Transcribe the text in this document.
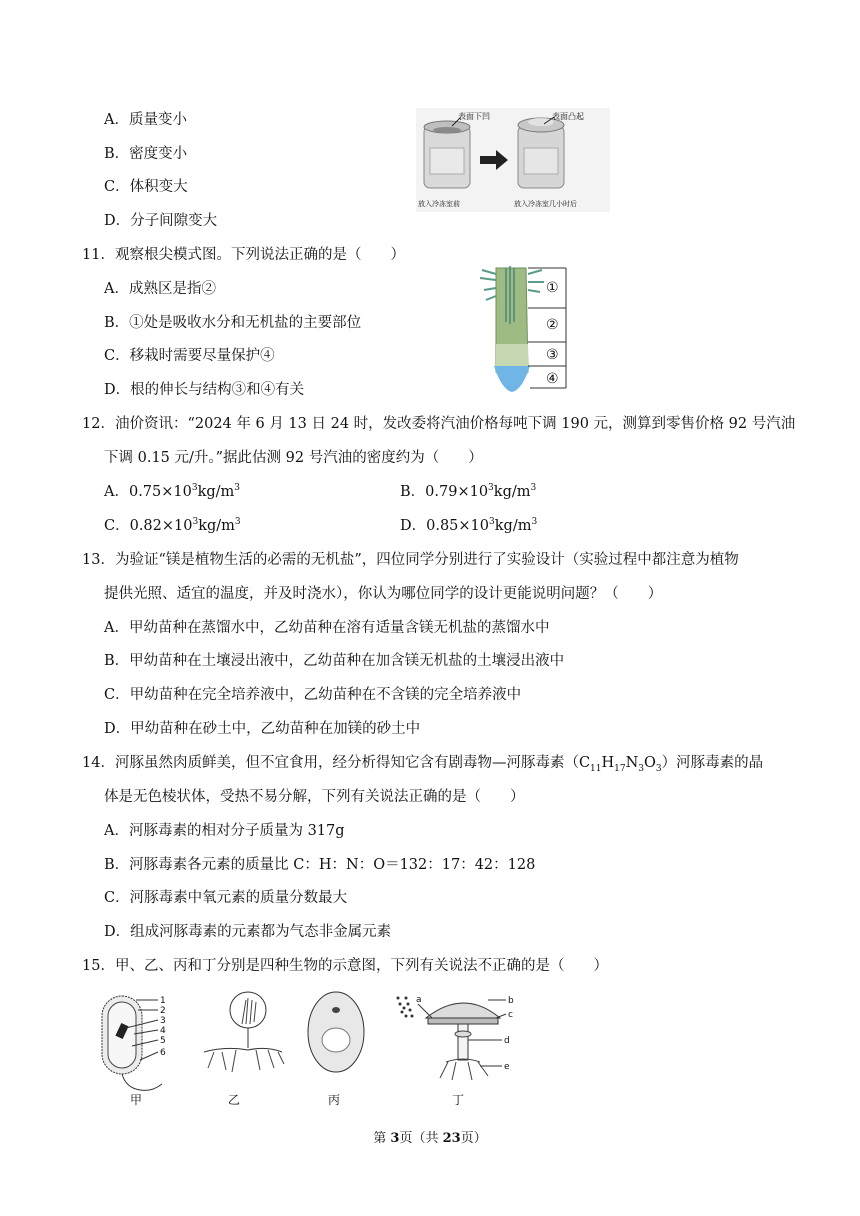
A．质量变小
B．密度变小
C．体积变大
D．分子间隙变大
表面下凹	表面凸起
放入冷冻室前	放入冷冻室几小时后
11．观察根尖模式图。下列说法正确的是（　　）
A．成熟区是指②
B．①处是吸收水分和无机盐的主要部位
C．移栽时需要尽量保护④
D．根的伸长与结构③和④有关
①
②
③
④
12．油价资讯：“2024 年 6 月 13 日 24 时，发改委将汽油价格每吨下调 190 元，测算到零售价格 92 号汽油
下调 0.15 元/升。”据此估测 92 号汽油的密度约为（　　）
A．$0.75\times 10^3kg/m^3$	B．$0.79\times 10^3kg/m^3$
C．$0.82\times 10^3kg/m^3$	D．$0.85\times 10^3kg/m^3$
13．为验证“镁是植物生活的必需的无机盐”，四位同学分别进行了实验设计（实验过程中都注意为植物
提供光照、适宜的温度，并及时浇水），你认为哪位同学的设计更能说明问题？（　　）
A．甲幼苗种在蒸馏水中，乙幼苗种在溶有适量含镁无机盐的蒸馏水中
B．甲幼苗种在土壤浸出液中，乙幼苗种在加含镁无机盐的土壤浸出液中
C．甲幼苗种在完全培养液中，乙幼苗种在不含镁的完全培养液中
D．甲幼苗种在砂土中，乙幼苗种在加镁的砂土中
14．河豚虽然肉质鲜美，但不宜食用，经分析得知它含有剧毒物—河豚毒素$(C_{11}H_{17}N_3O_3)$河豚毒素的晶
体是无色棱状体，受热不易分解，下列有关说法正确的是（　　）
A．河豚毒素的相对分子质量为 317g
B．河豚毒素各元素的质量比 C：H：N：O＝132：17：42：128
C．河豚毒素中氧元素的质量分数最大
D．组成河豚毒素的元素都为气态非金属元素
15．甲、乙、丙和丁分别是四种生物的示意图，下列有关说法不正确的是（　　）
1
2
3
4
5
6
a	b
c
d
e
甲	乙	丙	丁
第 3页（共 23页）
